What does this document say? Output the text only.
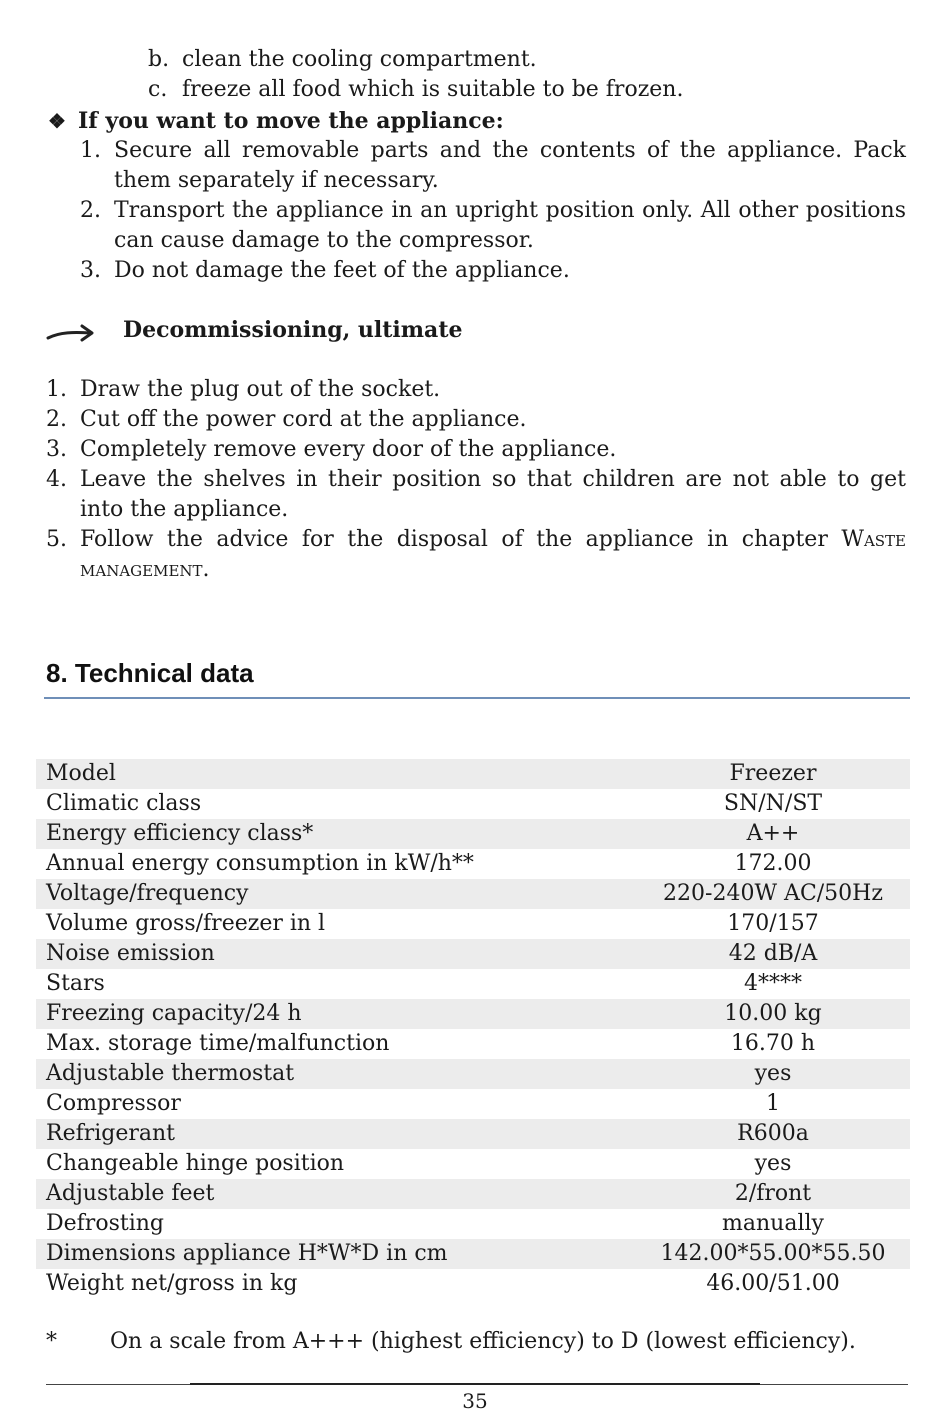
b. clean the cooling compartment.
c. freeze all food which is suitable to be frozen.
❖ If you want to move the appliance:
1. Secure all removable parts and the contents of the appliance. Pack them separately if necessary.
2. Transport the appliance in an upright position only. All other positions can cause damage to the compressor.
3. Do not damage the feet of the appliance.
Decommissioning, ultimate
1. Draw the plug out of the socket.
2. Cut off the power cord at the appliance.
3. Completely remove every door of the appliance.
4. Leave the shelves in their position so that children are not able to get into the appliance.
5. Follow the advice for the disposal of the appliance in chapter Waste management.
8. Technical data
Model	Freezer
Climatic class	SN/N/ST
Energy efficiency class*	A++
Annual energy consumption in kW/h**	172.00
Voltage/frequency	220-240W AC/50Hz
Volume gross/freezer in l	170/157
Noise emission	42 dB/A
Stars	4****
Freezing capacity/24 h	10.00 kg
Max. storage time/malfunction	16.70 h
Adjustable thermostat	yes
Compressor	1
Refrigerant	R600a
Changeable hinge position	yes
Adjustable feet	2/front
Defrosting	manually
Dimensions appliance H*W*D in cm	142.00*55.00*55.50
Weight net/gross in kg	46.00/51.00
* On a scale from A+++ (highest efficiency) to D (lowest efficiency).
35
